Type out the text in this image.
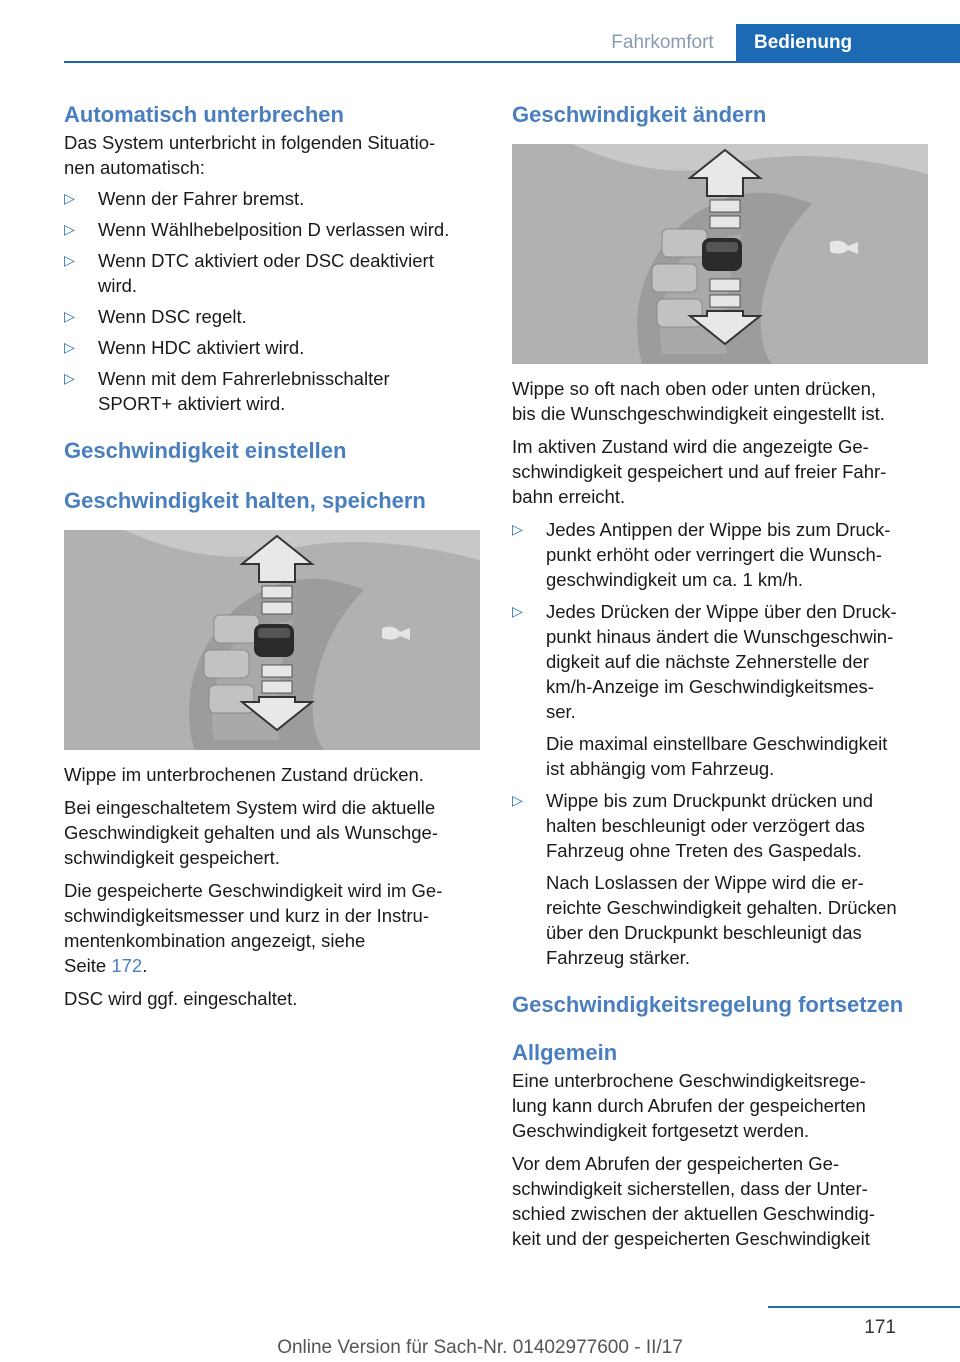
Fahrkomfort	Bedienung
Automatisch unterbrechen

Das System unterbricht in folgenden Situatio-
nen automatisch:

▷ Wenn der Fahrer bremst.
▷ Wenn Wählhebelposition D verlassen wird.
▷ Wenn DTC aktiviert oder DSC deaktiviert
wird.
▷ Wenn DSC regelt.
▷ Wenn HDC aktiviert wird.
▷ Wenn mit dem Fahrerlebnisschalter
SPORT+ aktiviert wird.
Geschwindigkeit einstellen
Geschwindigkeit halten, speichern

Wippe im unterbrochenen Zustand drücken.

Bei eingeschaltetem System wird die aktuelle
Geschwindigkeit gehalten und als Wunschge-
schwindigkeit gespeichert.

Die gespeicherte Geschwindigkeit wird im Ge-
schwindigkeitsmesser und kurz in der Instru-
mentenkombination angezeigt, siehe
Seite 172.

DSC wird ggf. eingeschaltet.

Geschwindigkeit ändern

Wippe so oft nach oben oder unten drücken,
bis die Wunschgeschwindigkeit eingestellt ist.

Im aktiven Zustand wird die angezeigte Ge-
schwindigkeit gespeichert und auf freier Fahr-
bahn erreicht.

▷ Jedes Antippen der Wippe bis zum Druck-
punkt erhöht oder verringert die Wunsch-
geschwindigkeit um ca. 1 km/h.
▷ Jedes Drücken der Wippe über den Druck-
punkt hinaus ändert die Wunschgeschwin-
digkeit auf die nächste Zehnerstelle der
km/h-Anzeige im Geschwindigkeitsmes-
ser.
Die maximal einstellbare Geschwindigkeit
ist abhängig vom Fahrzeug.
▷ Wippe bis zum Druckpunkt drücken und
halten beschleunigt oder verzögert das
Fahrzeug ohne Treten des Gaspedals.
Nach Loslassen der Wippe wird die er-
reichte Geschwindigkeit gehalten. Drücken
über den Druckpunkt beschleunigt das
Fahrzeug stärker.
Geschwindigkeitsregelung fortsetzen
Allgemein

Eine unterbrochene Geschwindigkeitsrege-
lung kann durch Abrufen der gespeicherten
Geschwindigkeit fortgesetzt werden.

Vor dem Abrufen der gespeicherten Ge-
schwindigkeit sicherstellen, dass der Unter-
schied zwischen der aktuellen Geschwindig-
keit und der gespeicherten Geschwindigkeit

171
Online Version für Sach-Nr. 01402977600 - II/17
